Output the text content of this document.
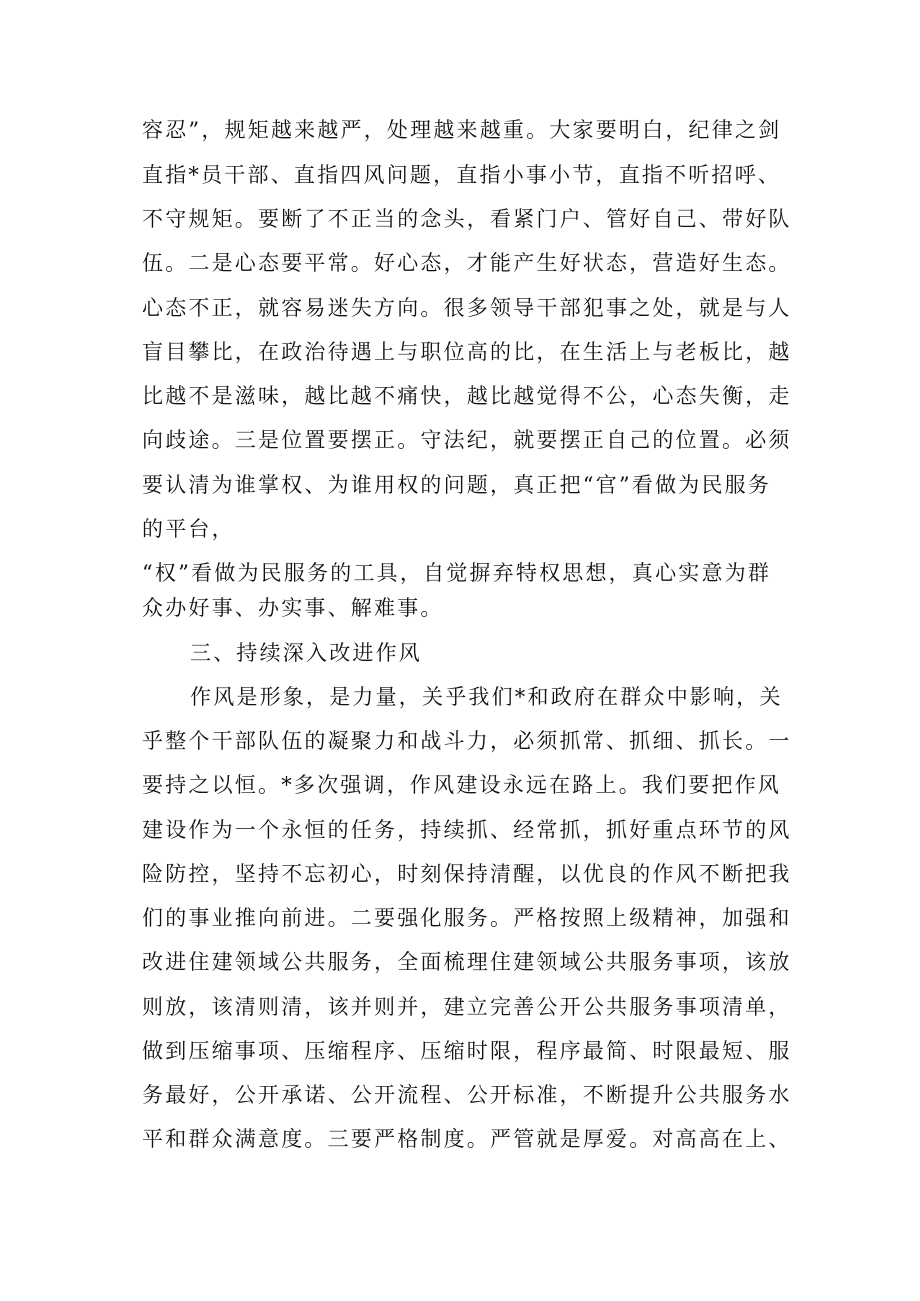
容忍”，规矩越来越严，处理越来越重。大家要明白，纪律之剑
直指*员干部、直指四风问题，直指小事小节，直指不听招呼、
不守规矩。要断了不正当的念头，看紧门户、管好自己、带好队
伍。二是心态要平常。好心态，才能产生好状态，营造好生态。
心态不正，就容易迷失方向。很多领导干部犯事之处，就是与人
盲目攀比，在政治待遇上与职位高的比，在生活上与老板比，越
比越不是滋味，越比越不痛快，越比越觉得不公，心态失衡，走
向歧途。三是位置要摆正。守法纪，就要摆正自己的位置。必须
要认清为谁掌权、为谁用权的问题，真正把“官”看做为民服务
的平台，
“权”看做为民服务的工具，自觉摒弃特权思想，真心实意为群
众办好事、办实事、解难事。
三、持续深入改进作风
作风是形象，是力量，关乎我们*和政府在群众中影响，关
乎整个干部队伍的凝聚力和战斗力，必须抓常、抓细、抓长。一
要持之以恒。*多次强调，作风建设永远在路上。我们要把作风
建设作为一个永恒的任务，持续抓、经常抓，抓好重点环节的风
险防控，坚持不忘初心，时刻保持清醒，以优良的作风不断把我
们的事业推向前进。二要强化服务。严格按照上级精神，加强和
改进住建领域公共服务，全面梳理住建领域公共服务事项，该放
则放，该清则清，该并则并，建立完善公开公共服务事项清单，
做到压缩事项、压缩程序、压缩时限，程序最简、时限最短、服
务最好，公开承诺、公开流程、公开标准，不断提升公共服务水
平和群众满意度。三要严格制度。严管就是厚爱。对高高在上、
